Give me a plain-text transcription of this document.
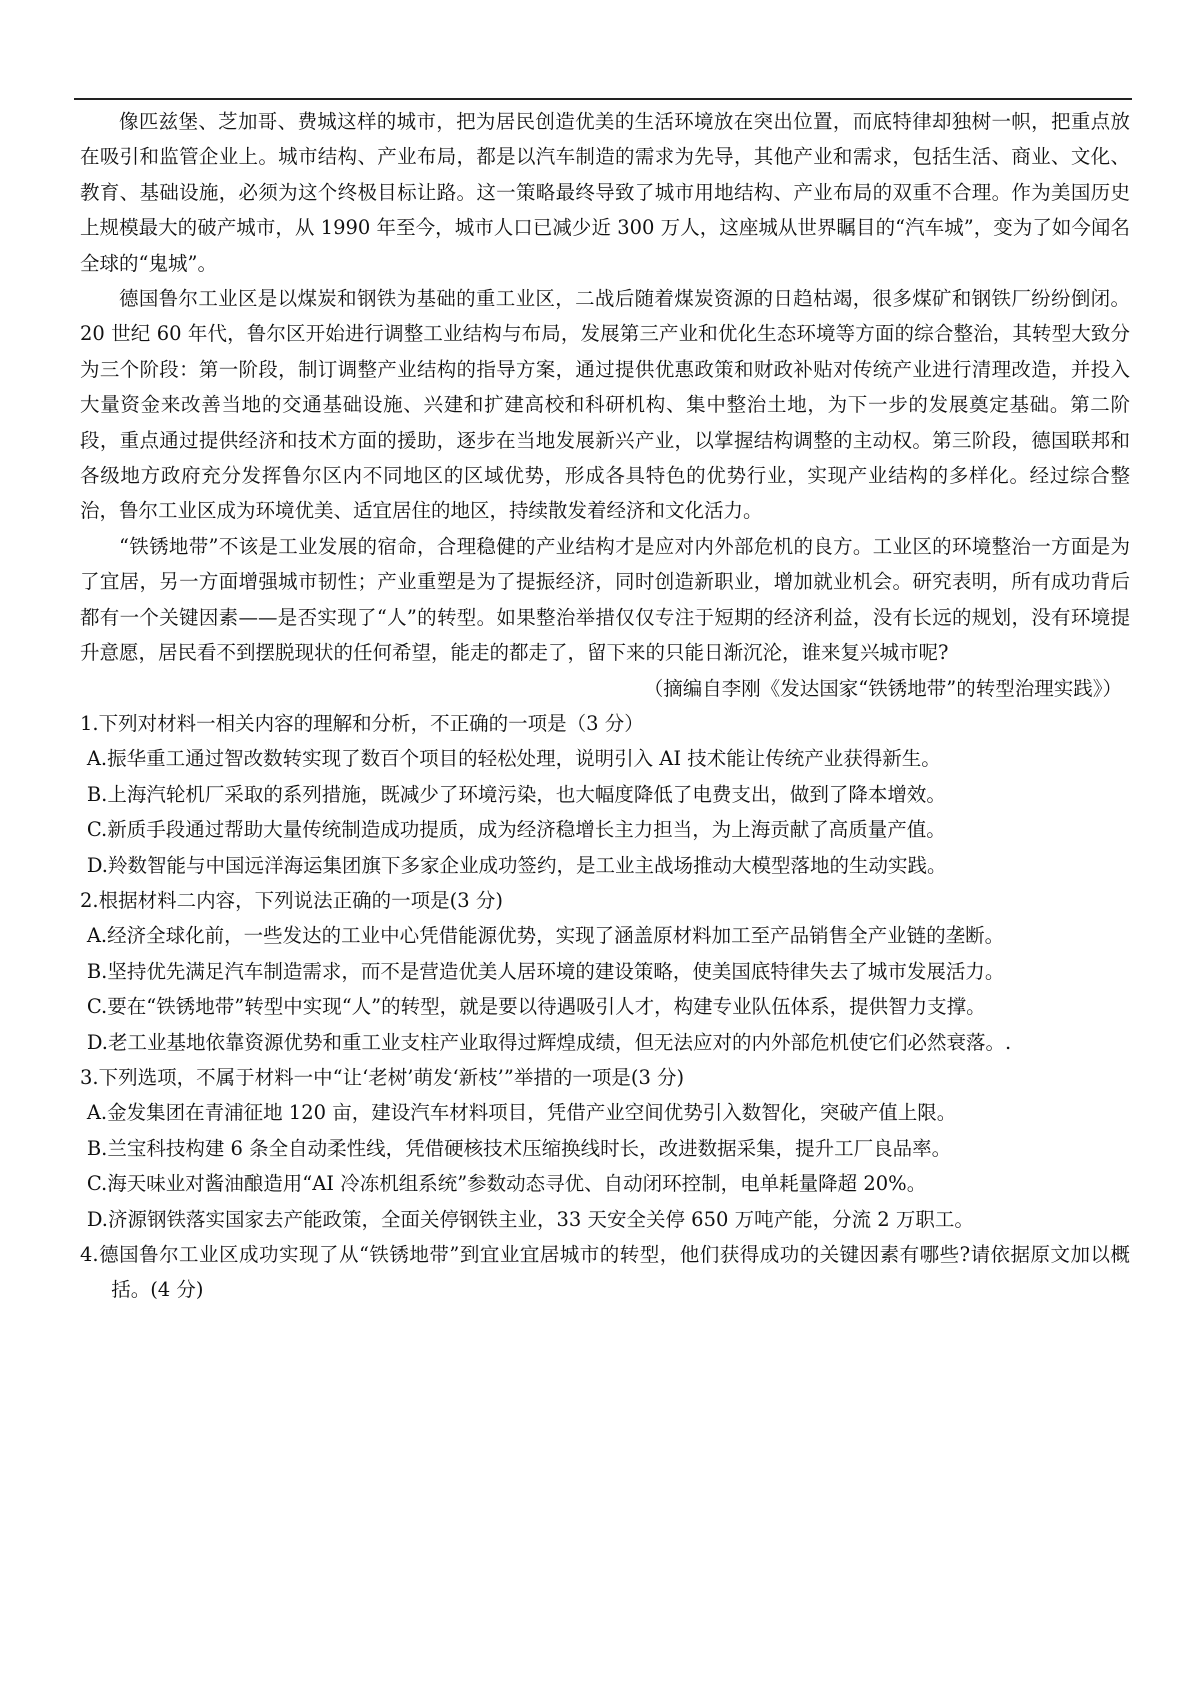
像匹兹堡、芝加哥、费城这样的城市，把为居民创造优美的生活环境放在突出位置，而底特律却独树一帜，把重点放在吸引和监管企业上。城市结构、产业布局，都是以汽车制造的需求为先导，其他产业和需求，包括生活、商业、文化、教育、基础设施，必须为这个终极目标让路。这一策略最终导致了城市用地结构、产业布局的双重不合理。作为美国历史上规模最大的破产城市，从 1990 年至今，城市人口已减少近 300 万人，这座城从世界瞩目的“汽车城”，变为了如今闻名全球的“鬼城”。

德国鲁尔工业区是以煤炭和钢铁为基础的重工业区，二战后随着煤炭资源的日趋枯竭，很多煤矿和钢铁厂纷纷倒闭。20 世纪 60 年代，鲁尔区开始进行调整工业结构与布局，发展第三产业和优化生态环境等方面的综合整治，其转型大致分为三个阶段：第一阶段，制订调整产业结构的指导方案，通过提供优惠政策和财政补贴对传统产业进行清理改造，并投入大量资金来改善当地的交通基础设施、兴建和扩建高校和科研机构、集中整治土地，为下一步的发展奠定基础。第二阶段，重点通过提供经济和技术方面的援助，逐步在当地发展新兴产业，以掌握结构调整的主动权。第三阶段，德国联邦和各级地方政府充分发挥鲁尔区内不同地区的区域优势，形成各具特色的优势行业，实现产业结构的多样化。经过综合整治，鲁尔工业区成为环境优美、适宜居住的地区，持续散发着经济和文化活力。

“铁锈地带”不该是工业发展的宿命，合理稳健的产业结构才是应对内外部危机的良方。工业区的环境整治一方面是为了宜居，另一方面增强城市韧性；产业重塑是为了提振经济，同时创造新职业，增加就业机会。研究表明，所有成功背后都有一个关键因素——是否实现了“人”的转型。如果整治举措仅仅专注于短期的经济利益，没有长远的规划，没有环境提升意愿，居民看不到摆脱现状的任何希望，能走的都走了，留下来的只能日渐沉沦，谁来复兴城市呢?

（摘编自李刚《发达国家“铁锈地带”的转型治理实践》）

1.下列对材料一相关内容的理解和分析，不正确的一项是（3 分）

A.振华重工通过智改数转实现了数百个项目的轻松处理，说明引入 AI 技术能让传统产业获得新生。

B.上海汽轮机厂采取的系列措施，既减少了环境污染，也大幅度降低了电费支出，做到了降本增效。

C.新质手段通过帮助大量传统制造成功提质，成为经济稳增长主力担当，为上海贡献了高质量产值。

D.羚数智能与中国远洋海运集团旗下多家企业成功签约，是工业主战场推动大模型落地的生动实践。

2.根据材料二内容，下列说法正确的一项是(3 分)

A.经济全球化前，一些发达的工业中心凭借能源优势，实现了涵盖原材料加工至产品销售全产业链的垄断。

B.坚持优先满足汽车制造需求，而不是营造优美人居环境的建设策略，使美国底特律失去了城市发展活力。

C.要在“铁锈地带”转型中实现“人”的转型，就是要以待遇吸引人才，构建专业队伍体系，提供智力支撑。

D.老工业基地依靠资源优势和重工业支柱产业取得过辉煌成绩，但无法应对的内外部危机使它们必然衰落。.

3.下列选项，不属于材料一中“让‘老树’萌发‘新枝’”举措的一项是(3 分)

A.金发集团在青浦征地 120 亩，建设汽车材料项目，凭借产业空间优势引入数智化，突破产值上限。

B.兰宝科技构建 6 条全自动柔性线，凭借硬核技术压缩换线时长，改进数据采集，提升工厂良品率。

C.海天味业对酱油酿造用“AI 冷冻机组系统”参数动态寻优、自动闭环控制，电单耗量降超 20%。

D.济源钢铁落实国家去产能政策，全面关停钢铁主业，33 天安全关停 650 万吨产能，分流 2 万职工。

4.德国鲁尔工业区成功实现了从“铁锈地带”到宜业宜居城市的转型，他们获得成功的关键因素有哪些?请依据原文加以概括。(4 分)
